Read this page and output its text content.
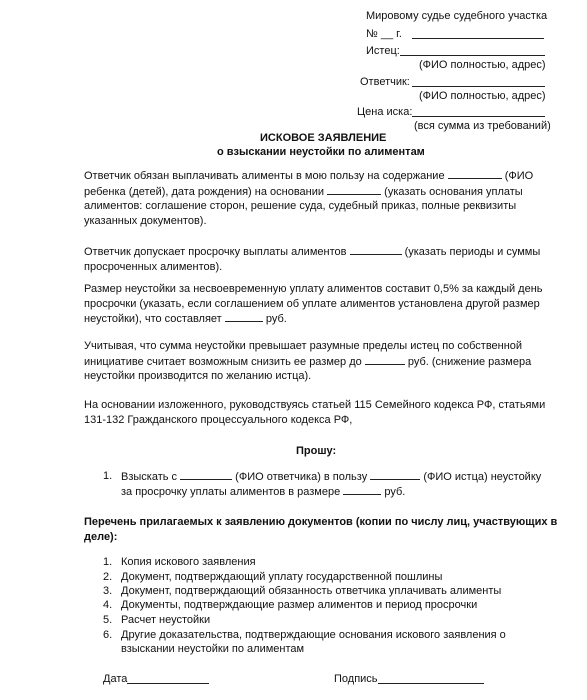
Мировому судье судебного участка
№ __ г.
Истец:
(ФИО полностью, адрес)
Ответчик:
(ФИО полностью, адрес)
Цена иска:
(вся сумма из требований)
ИСКОВОЕ ЗАЯВЛЕНИЕ
о взыскании неустойки по алиментам
Ответчик обязан выплачивать алименты в мою пользу на содержание	(ФИО
ребенка (детей), дата рождения) на основании	(указать основания уплаты
алиментов: соглашение сторон, решение суда, судебный приказ, полные реквизиты
указанных документов).
Ответчик допускает просрочку выплаты алиментов	(указать периоды и суммы
просроченных алиментов).
Размер неустойки за несвоевременную уплату алиментов составит 0,5% за каждый день
просрочки (указать, если соглашением об уплате алиментов установлена другой размер
неустойки), что составляет	руб.
Учитывая, что сумма неустойки превышает разумные пределы истец по собственной
инициативе считает возможным снизить ее размер до	руб. (снижение размера
неустойки производится по желанию истца).
На основании изложенного, руководствуясь статьей 115 Семейного кодекса РФ, статьями
131-132 Гражданского процессуального кодекса РФ,
Прошу:
1. Взыскать с	(ФИО ответчика) в пользу	(ФИО истца) неустойку
за просрочку уплаты алиментов в размере	руб.
Перечень прилагаемых к заявлению документов (копии по числу лиц, участвующих в
деле):
1. Копия искового заявления
2. Документ, подтверждающий уплату государственной пошлины
3. Документ, подтверждающий обязанность ответчика уплачивать алименты
4. Документы, подтверждающие размер алиментов и период просрочки
5. Расчет неустойки
6. Другие доказательства, подтверждающие основания искового заявления о
взыскании неустойки по алиментам
Дата	Подпись
